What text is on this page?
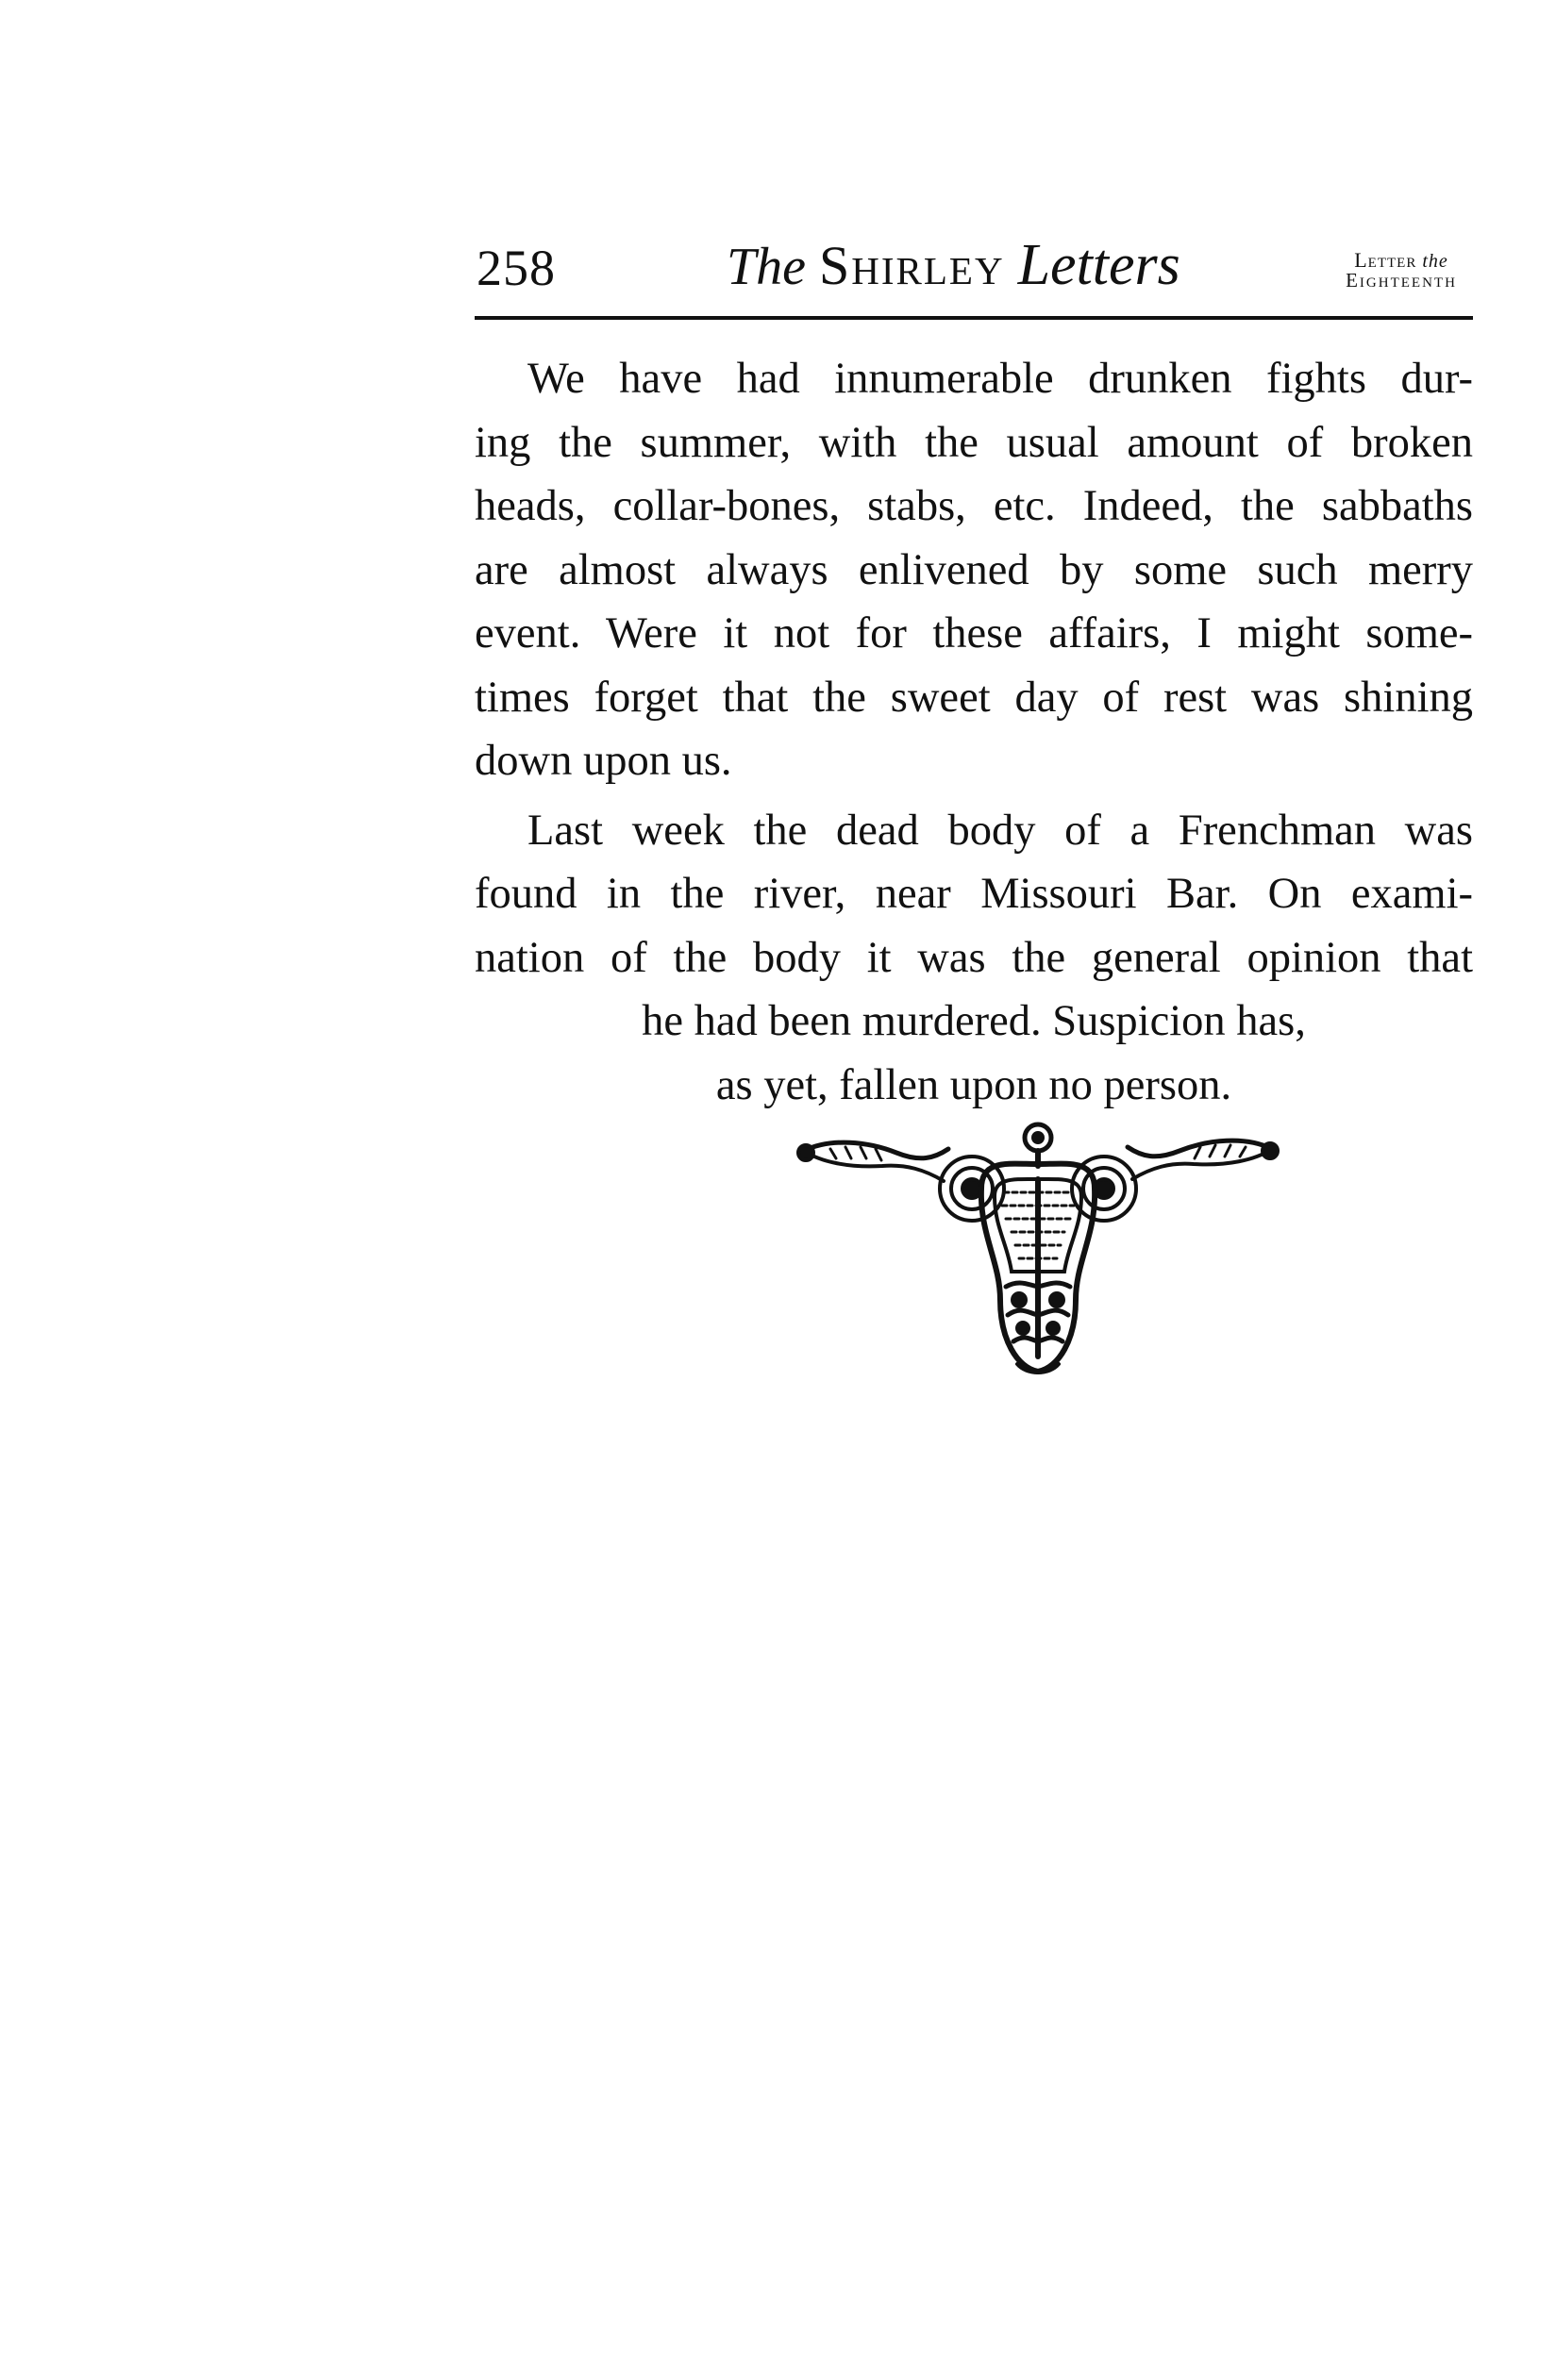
258	The Shirley Letters	Letter the
Eighteenth
We have had innumerable drunken fights dur-
ing the summer, with the usual amount of broken
heads, collar-bones, stabs, etc. Indeed, the sabbaths
are almost always enlivened by some such merry
event. Were it not for these affairs, I might some-
times forget that the sweet day of rest was shining
down upon us.
Last week the dead body of a Frenchman was
found in the river, near Missouri Bar. On exami-
nation of the body it was the general opinion that
he had been murdered. Suspicion has,
as yet, fallen upon no person.
